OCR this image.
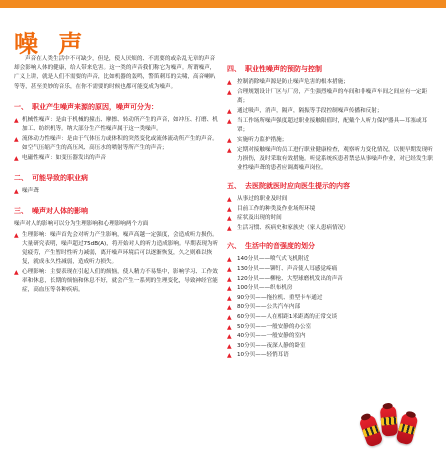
噪 声

声音在人类生活中不可缺少，但是，使人厌烦的、不需要的或杂乱无章的声音却会影响人体的健康，给人带来危害。这一类的声音我们称它为噪声。所谓噪声，广义上讲，就是人们不需要的声音，比如机器的轰鸣，警笛刺耳的尖啸，高音喇叭等等，甚至美妙的音乐，在你不需要的时候也都可能变成为噪声。

一、 职业产生噪声来源的原因，噪声可分为：
▲ 机械性噪声：是由于机械的撞击、摩擦、转动所产生的声音，如冲压、打磨、机加工、纺织机等。纳大部分生产性噪声属于这一类噪声。
▲ 流体动力性噪声：是由于气体压力或体积的突然变化或流体流动所产生的声音。如空气压缩产生的高压风、高压水的喷射等所产生的声音；
▲ 电磁性噪声：如变压器发出的声音
二、 可能导致的职业病
▲ 噪声聋
三、 噪声对人体的影响

噪声对人的影响可以分为生理影响和心理影响两个方面

▲ 生理影响：噪声首先会对听力产生影响，噪声高越一定强度，会造成听力损伤。大量研究表明，噪声超过75dB(A)，将开始对人的听力造成影响。早期表现为听觉疲劳，产生暂时性听力减弱，离开噪声环境后可以逐渐恢复，久之则难以恢复，就成永久性减弱，造成听力损失。
▲ 心理影响：主要表现在引起人们的烦恼，使人精力不易集中，影响学习、工作效率和休息，长期的烦恼和休息不好，就会产生一系列的生理变化，导致神经官能症，高血压等各种疾病。
四、 职业性噪声的预防与控制
▲ 控制消除噪声源是防止噪声危害的根本措施；
▲ 合理规划设计厂区与厂房，产生强烈噪声的车间和非噪声车间之间应有一定距离；
▲ 通过吸声，消声，隔声，隔振等手段控制噪声传播和反射；
▲ 当工作场所噪声强度超过职业接触限值时，配戴个人听力保护器具—耳塞或耳罩；
▲ 实施听力监护措施；
▲ 定期对接触噪声的员工进行职业健康检查，观察听力变化情况，以便早期发现听力损伤，及时采取有效措施。听觉系统疾患者禁忌从事噪声作业，对已经发生职业性噪声聋的患者应调离噪声岗位。
五、 去医院就医时应向医生提示的内容
▲ 从事过的职业及时间
▲ 目前工作的种类及作业场所环境
▲ 症状及出现的时间
▲ 生活习惯、疾病史和家族史（家人患病情况）
六、 生活中的音强度的划分
▲ 140分贝——喷气式飞机附近
▲ 130分贝——铆钉、声音使人耳感觉疼痛
▲ 120分贝——柳枪、大型球磨机发出的声音
▲ 100分贝——织布机房
▲ 90分贝——拖拉机、重型卡车通过
▲ 80分贝——公共汽车内部
▲ 60分贝——人在相距1米距离的正常交谈
▲ 50分贝——一般安静的办公室
▲ 40分贝——一般安静的室内
▲ 30分贝——夜深人静的卧室
▲ 10分贝——轻悄耳语
